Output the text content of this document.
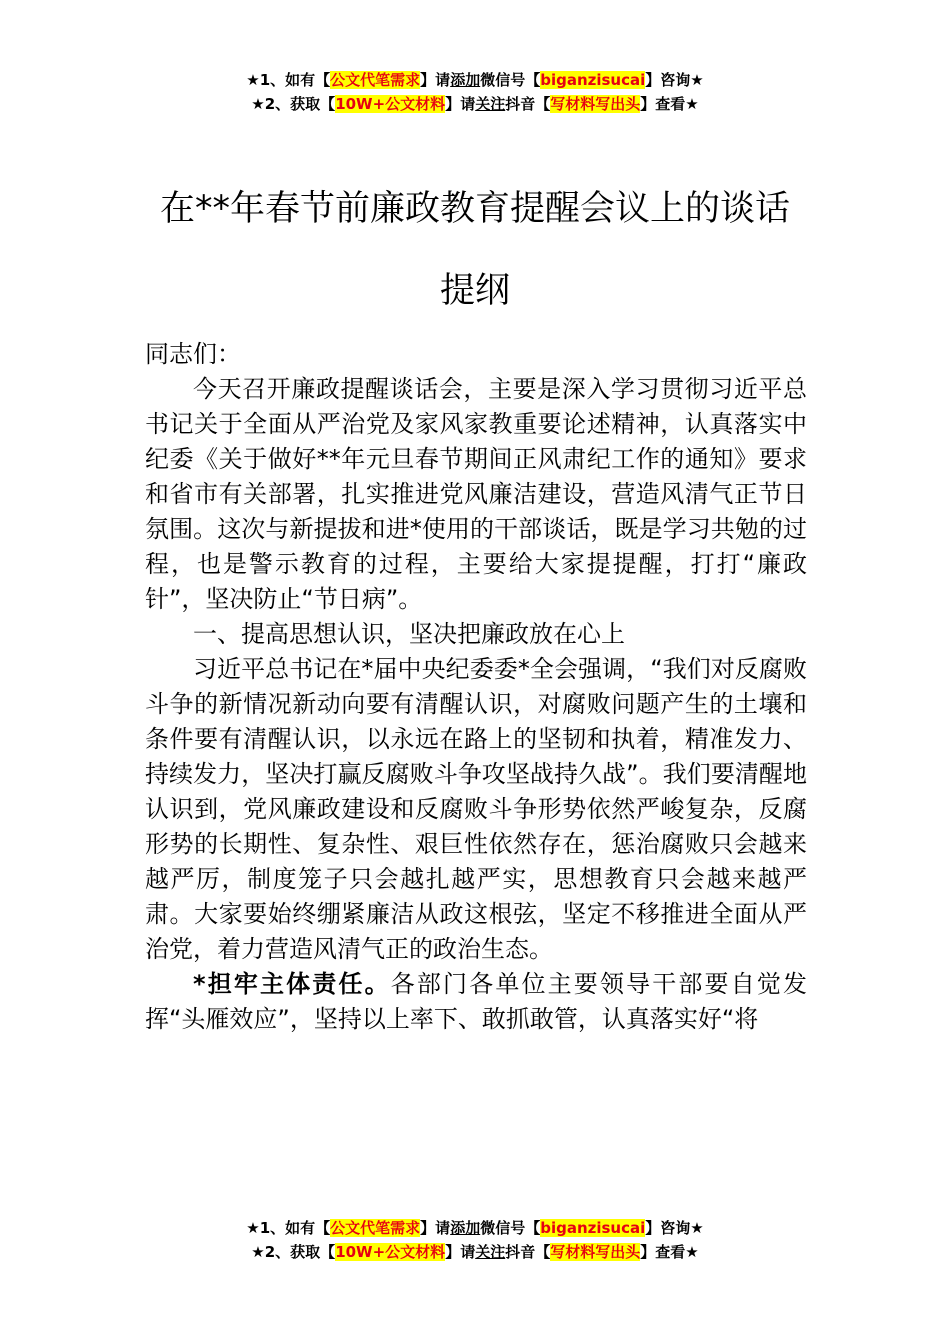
★1、如有【公文代笔需求】请添加微信号【biganzisucai】咨询★
★2、获取【10W+公文材料】请关注抖音【写材料写出头】查看★
在**年春节前廉政教育提醒会议上的谈话
提纲

同志们：

今天召开廉政提醒谈话会，主要是深入学习贯彻习近平总书记关于全面从严治党及家风家教重要论述精神，认真落实中纪委《关于做好**年元旦春节期间正风肃纪工作的通知》要求和省市有关部署，扎实推进党风廉洁建设，营造风清气正节日氛围。这次与新提拔和进*使用的干部谈话，既是学习共勉的过程，也是警示教育的过程，主要给大家提提醒，打打“廉政针”，坚决防止“节日病”。

一、提高思想认识，坚决把廉政放在心上

习近平总书记在*届中央纪委委*全会强调，“我们对反腐败斗争的新情况新动向要有清醒认识，对腐败问题产生的土壤和条件要有清醒认识，以永远在路上的坚韧和执着，精准发力、持续发力，坚决打赢反腐败斗争攻坚战持久战”。我们要清醒地认识到，党风廉政建设和反腐败斗争形势依然严峻复杂，反腐形势的长期性、复杂性、艰巨性依然存在，惩治腐败只会越来越严厉，制度笼子只会越扎越严实，思想教育只会越来越严肃。大家要始终绷紧廉洁从政这根弦，坚定不移推进全面从严治党，着力营造风清气正的政治生态。

*担牢主体责任。各部门各单位主要领导干部要自觉发挥“头雁效应”，坚持以上率下、敢抓敢管，认真落实好“将

★1、如有【公文代笔需求】请添加微信号【biganzisucai】咨询★
★2、获取【10W+公文材料】请关注抖音【写材料写出头】查看★
